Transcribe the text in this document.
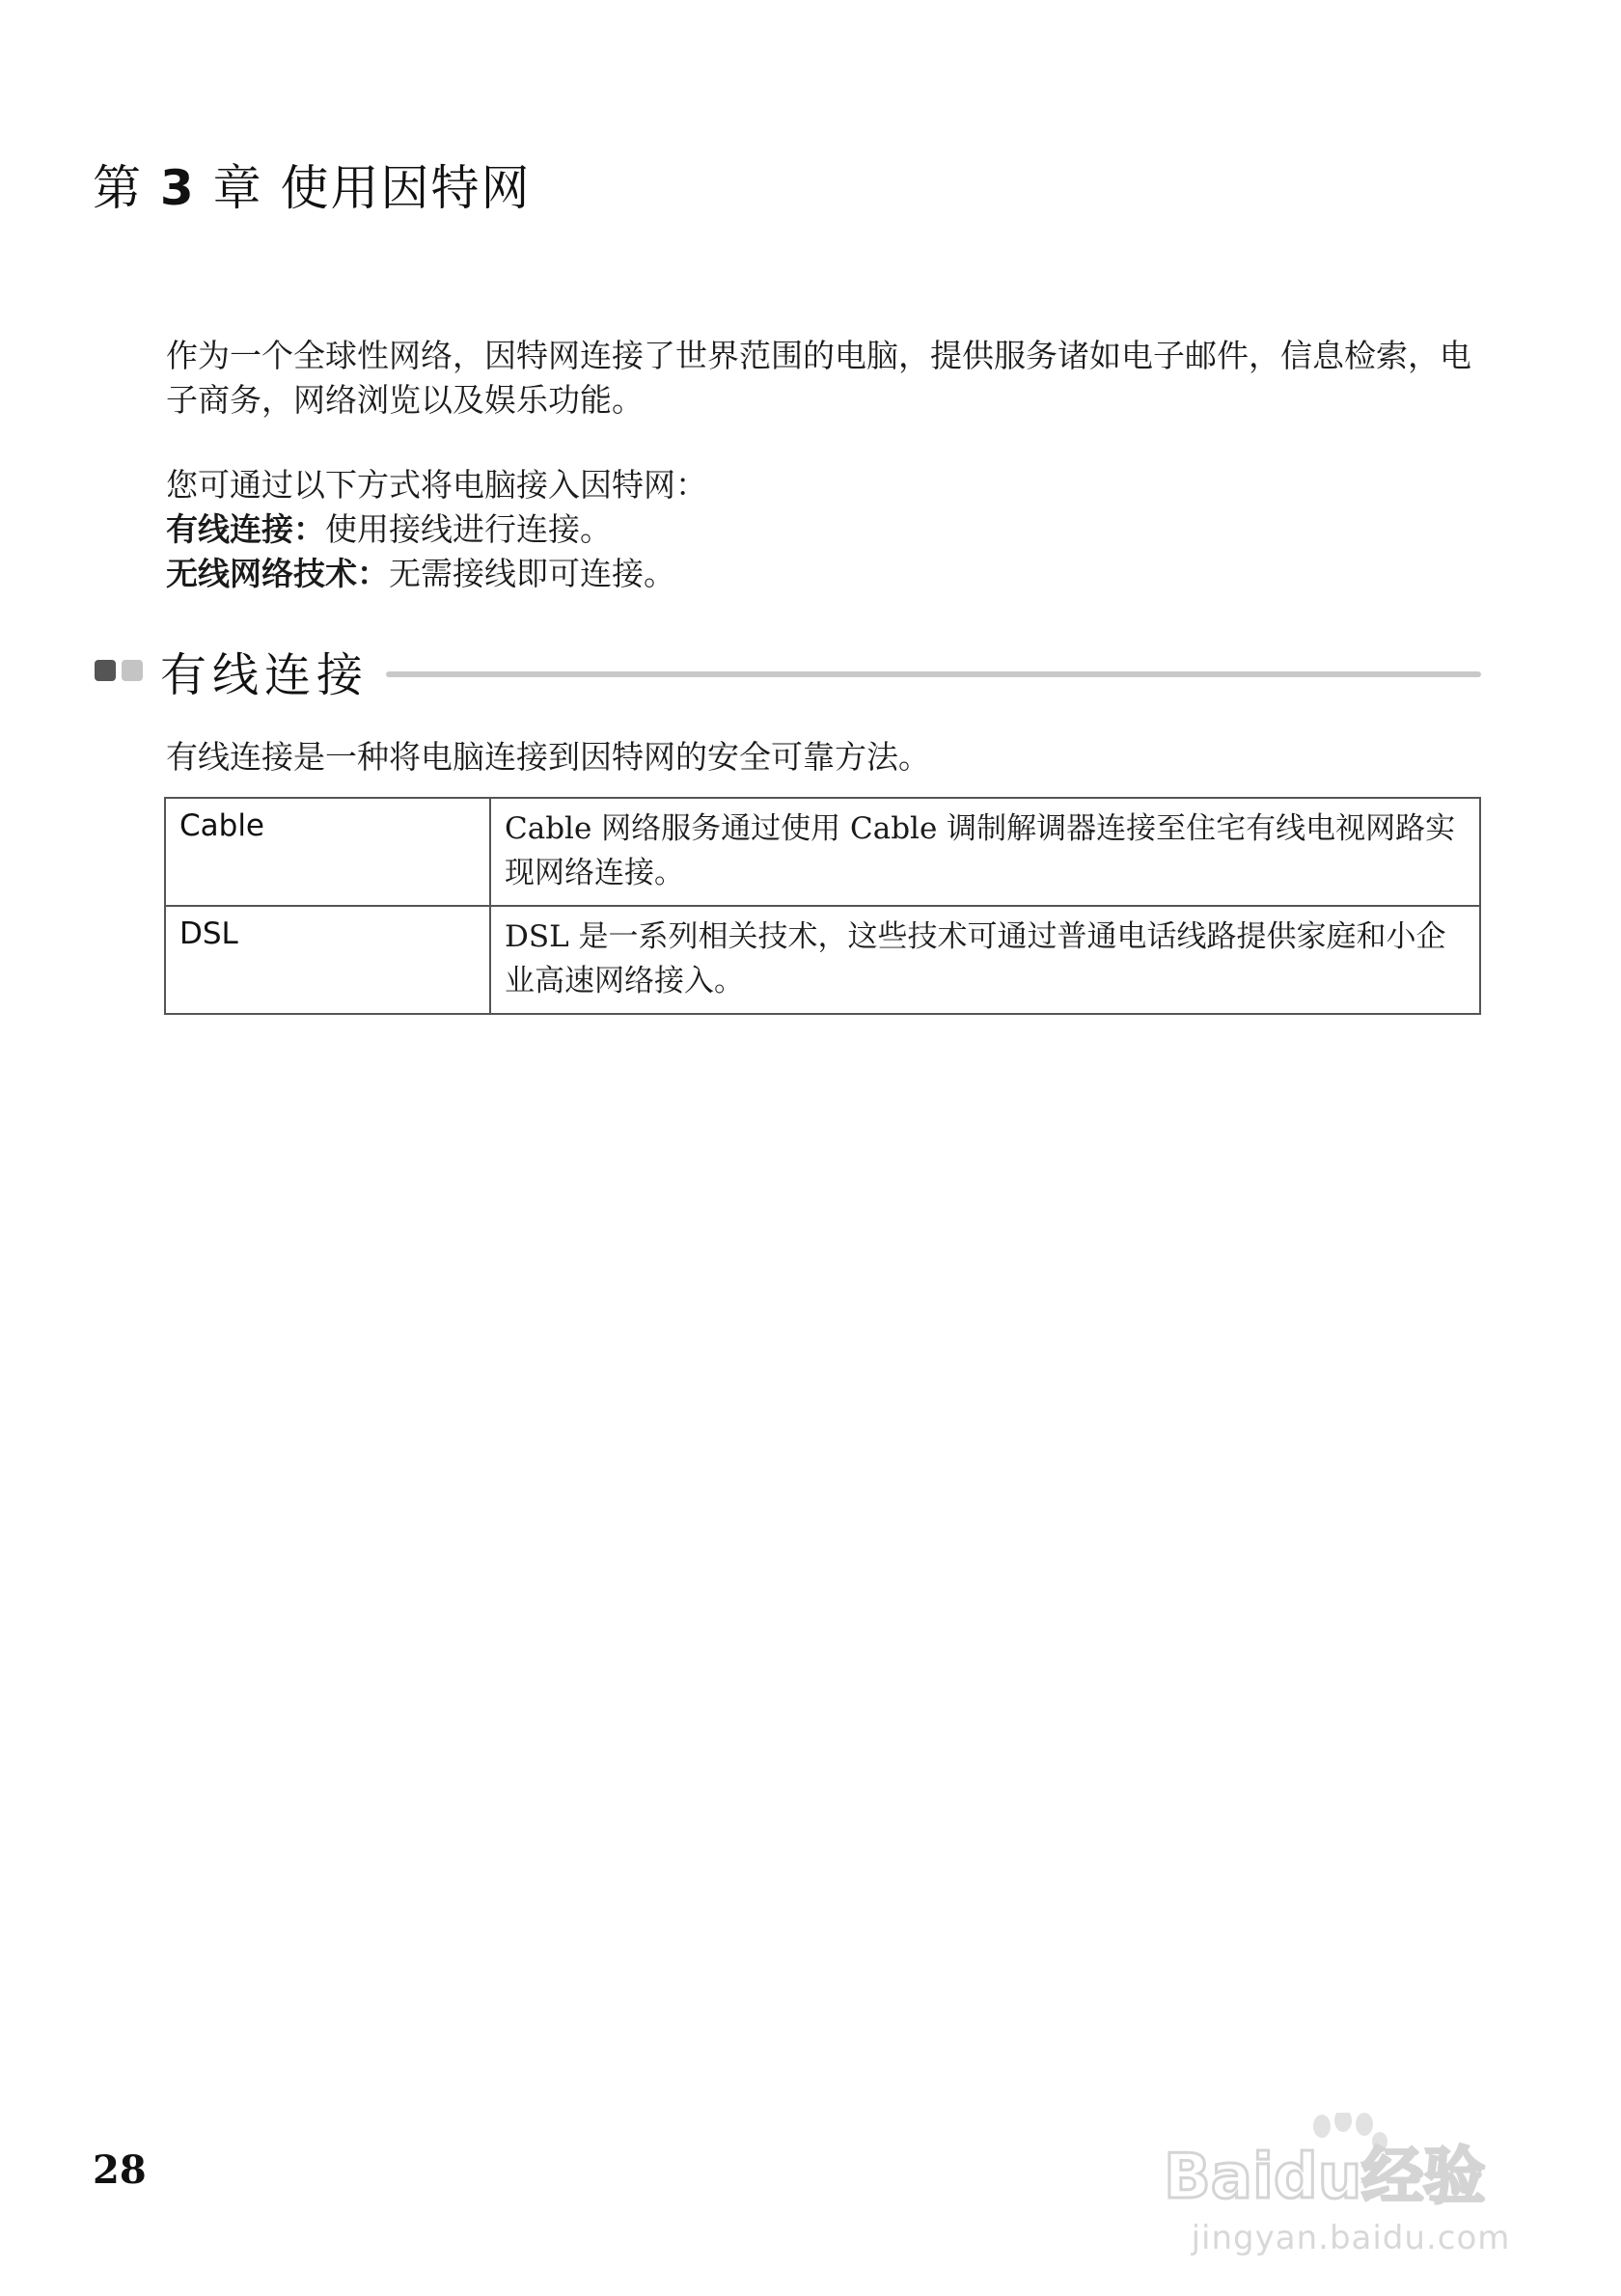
第 3 章 使用因特网

作为一个全球性网络，因特网连接了世界范围的电脑，提供服务诸如电子邮件，信息检索，电子商务，网络浏览以及娱乐功能。

您可通过以下方式将电脑接入因特网：
有线连接：使用接线进行连接。
无线网络技术：无需接线即可连接。
有线连接

有线连接是一种将电脑连接到因特网的安全可靠方法。

Cable	Cable 网络服务通过使用 Cable 调制解调器连接至住宅有线电视网路实现网络连接。
DSL	DSL 是一系列相关技术，这些技术可通过普通电话线路提供家庭和小企业高速网络接入。
28	Baidu经验
jingyan.baidu.com
